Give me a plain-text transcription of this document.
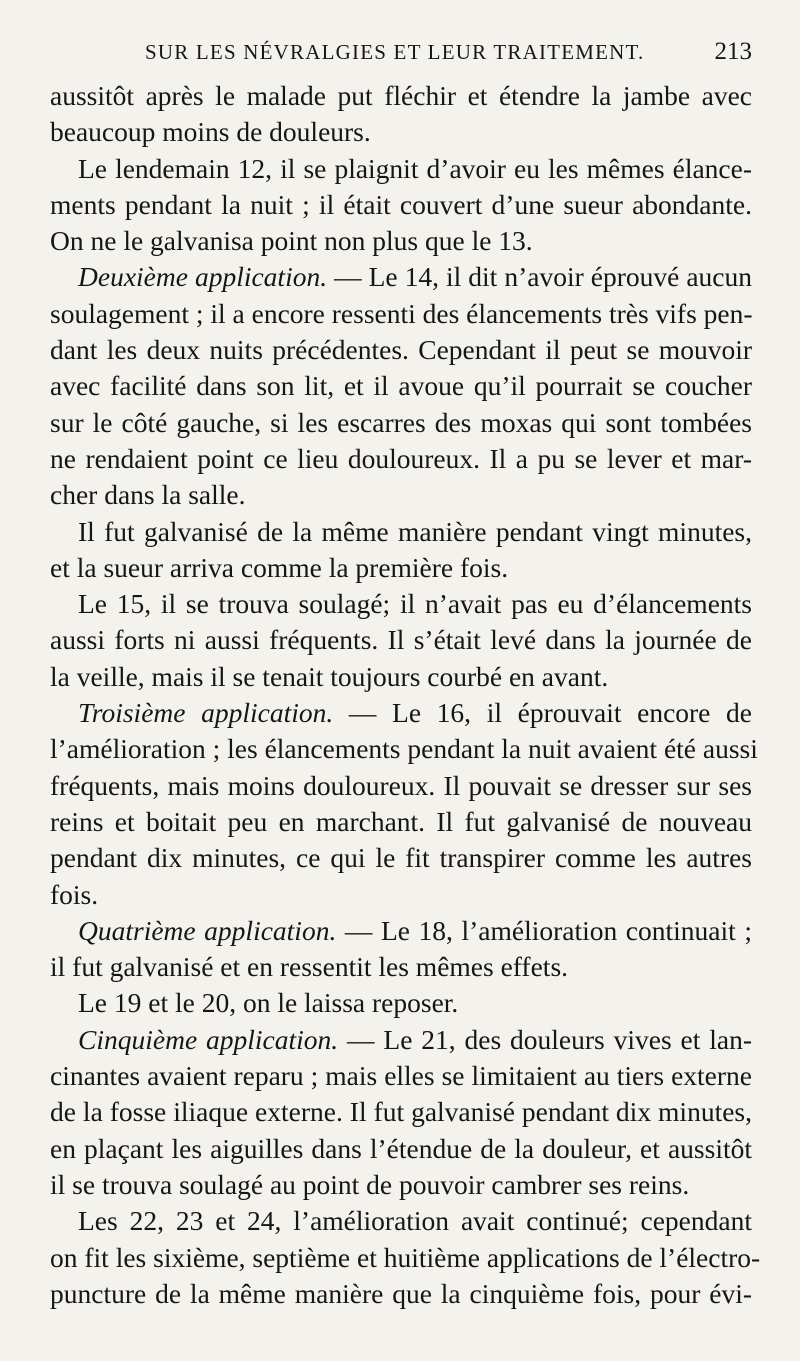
SUR LES NÉVRALGIES ET LEUR TRAITEMENT.	213
aussitôt après le malade put fléchir et étendre la jambe avec
beaucoup moins de douleurs.
Le lendemain 12, il se plaignit d’avoir eu les mêmes élance-
ments pendant la nuit ; il était couvert d’une sueur abondante.
On ne le galvanisa point non plus que le 13.
Deuxième application. — Le 14, il dit n’avoir éprouvé aucun
soulagement ; il a encore ressenti des élancements très vifs pen-
dant les deux nuits précédentes. Cependant il peut se mouvoir
avec facilité dans son lit, et il avoue qu’il pourrait se coucher
sur le côté gauche, si les escarres des moxas qui sont tombées
ne rendaient point ce lieu douloureux. Il a pu se lever et mar-
cher dans la salle.
Il fut galvanisé de la même manière pendant vingt minutes,
et la sueur arriva comme la première fois.
Le 15, il se trouva soulagé; il n’avait pas eu d’élancements
aussi forts ni aussi fréquents. Il s’était levé dans la journée de
la veille, mais il se tenait toujours courbé en avant.
Troisième application. — Le 16, il éprouvait encore de
l’amélioration ; les élancements pendant la nuit avaient été aussi
fréquents, mais moins douloureux. Il pouvait se dresser sur ses
reins et boitait peu en marchant. Il fut galvanisé de nouveau
pendant dix minutes, ce qui le fit transpirer comme les autres
fois.
Quatrième application. — Le 18, l’amélioration continuait ;
il fut galvanisé et en ressentit les mêmes effets.
Le 19 et le 20, on le laissa reposer.
Cinquième application. — Le 21, des douleurs vives et lan-
cinantes avaient reparu ; mais elles se limitaient au tiers externe
de la fosse iliaque externe. Il fut galvanisé pendant dix minutes,
en plaçant les aiguilles dans l’étendue de la douleur, et aussitôt
il se trouva soulagé au point de pouvoir cambrer ses reins.
Les 22, 23 et 24, l’amélioration avait continué; cependant
on fit les sixième, septième et huitième applications de l’électro-
puncture de la même manière que la cinquième fois, pour évi-
